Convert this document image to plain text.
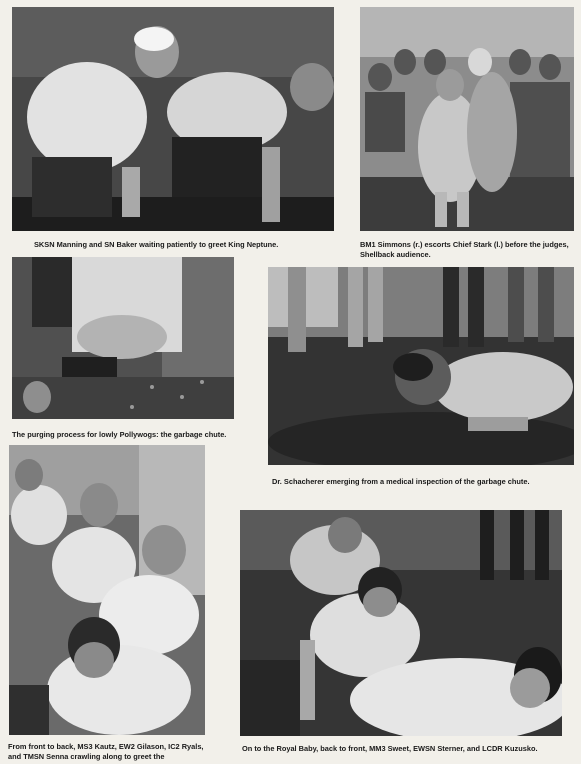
SKSN Manning and SN Baker waiting patiently to greet King Neptune.	BM1 Simmons (r.) escorts Chief Stark (l.) before the judges, Shellback audience.

The purging process for lowly Pollywogs: the garbage chute.

Dr. Schacherer emerging from a medical inspection of the garbage chute.

From front to back, MS3 Kautz, EW2 Gilason, IC2 Ryals, and TMSN Senna crawling along to greet the

On to the Royal Baby, back to front, MM3 Sweet, EWSN Sterner, and LCDR Kuzusko.
